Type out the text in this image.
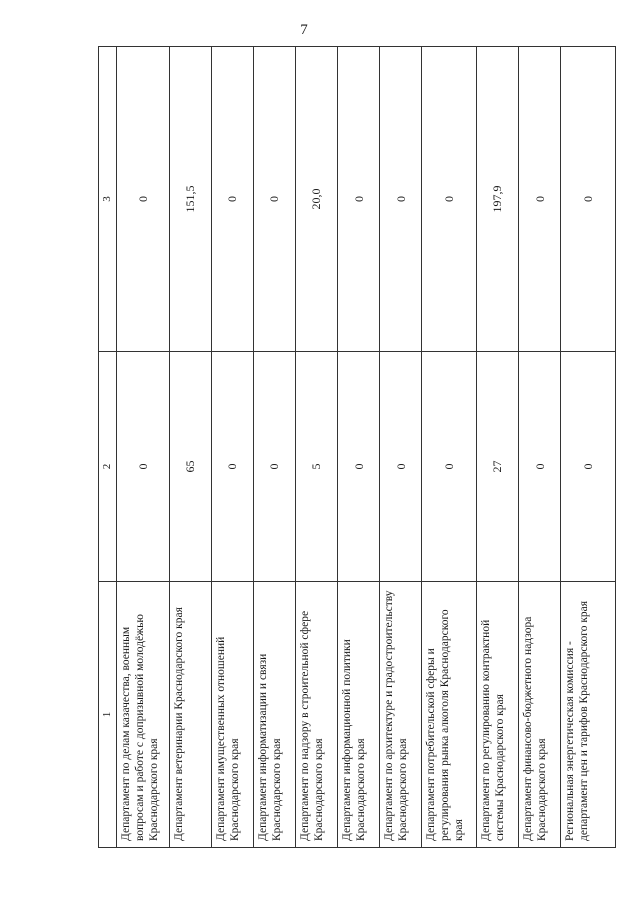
7
1	2	3
Департамент по делам казачества, военным вопросам и работе с допризывной молодёжью Краснодарского края	0	0
Департамент ветеринарии Краснодарского края	65	151,5
Департамент имущественных отношений Краснодарского края	0	0
Департамент информатизации и связи Краснодарского края	0	0
Департамент по надзору в строительной сфере Краснодарского края	5	20,0
Департамент информационной политики Краснодарского края	0	0
Департамент по архитектуре и градостроительству Краснодарского края	0	0
Департамент потребительской сферы и регулирования рынка алкоголя Краснодарского края	0	0
Департамент по регулированию контрактной системы Краснодарского края	27	197,9
Департамент финансово-бюджетного надзора Краснодарского края	0	0
Региональная энергетическая комиссия - департамент цен и тарифов Краснодарского края	0	0
